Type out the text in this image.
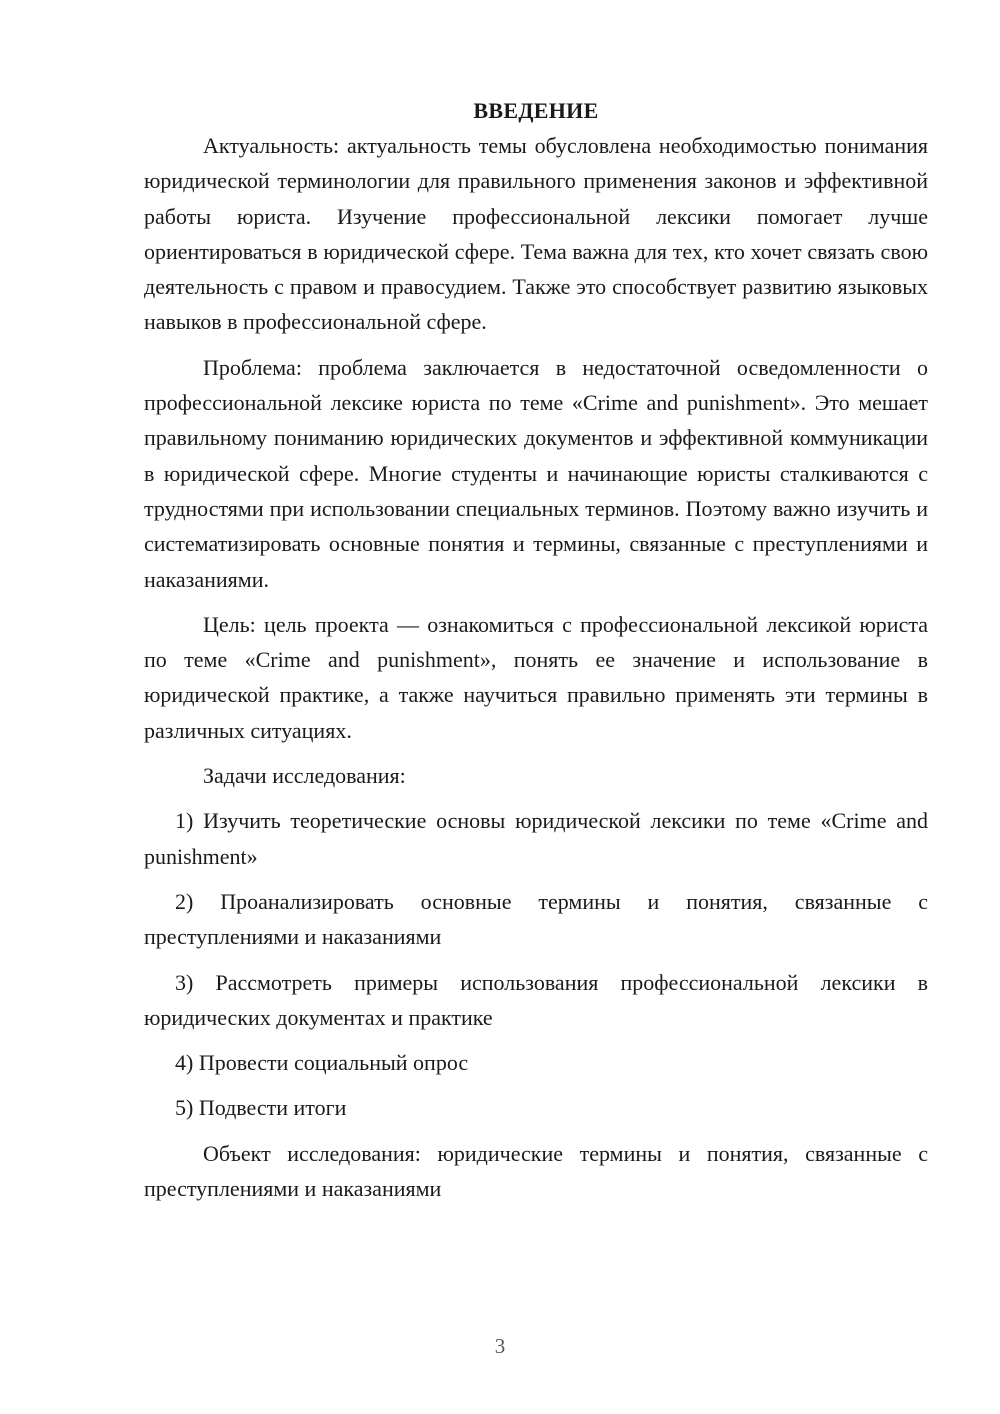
ВВЕДЕНИЕ

Актуальность: актуальность темы обусловлена необходимостью понимания юридической терминологии для правильного применения законов и эффективной работы юриста. Изучение профессиональной лексики помогает лучше ориентироваться в юридической сфере. Тема важна для тех, кто хочет связать свою деятельность с правом и правосудием. Также это способствует развитию языковых навыков в профессиональной сфере.

Проблема: проблема заключается в недостаточной осведомленности о профессиональной лексике юриста по теме «Crime and punishment». Это мешает правильному пониманию юридических документов и эффективной коммуникации в юридической сфере. Многие студенты и начинающие юристы сталкиваются с трудностями при использовании специальных терминов. Поэтому важно изучить и систематизировать основные понятия и термины, связанные с преступлениями и наказаниями.

Цель: цель проекта — ознакомиться с профессиональной лексикой юриста по теме «Crime and punishment», понять ее значение и использование в юридической практике, а также научиться правильно применять эти термины в различных ситуациях.

Задачи исследования:

1) Изучить теоретические основы юридической лексики по теме «Crime and punishment»

2) Проанализировать основные термины и понятия, связанные с преступлениями и наказаниями

3) Рассмотреть примеры использования профессиональной лексики в юридических документах и практике

4) Провести социальный опрос

5) Подвести итоги

Объект исследования: юридические термины и понятия, связанные с преступлениями и наказаниями

3
